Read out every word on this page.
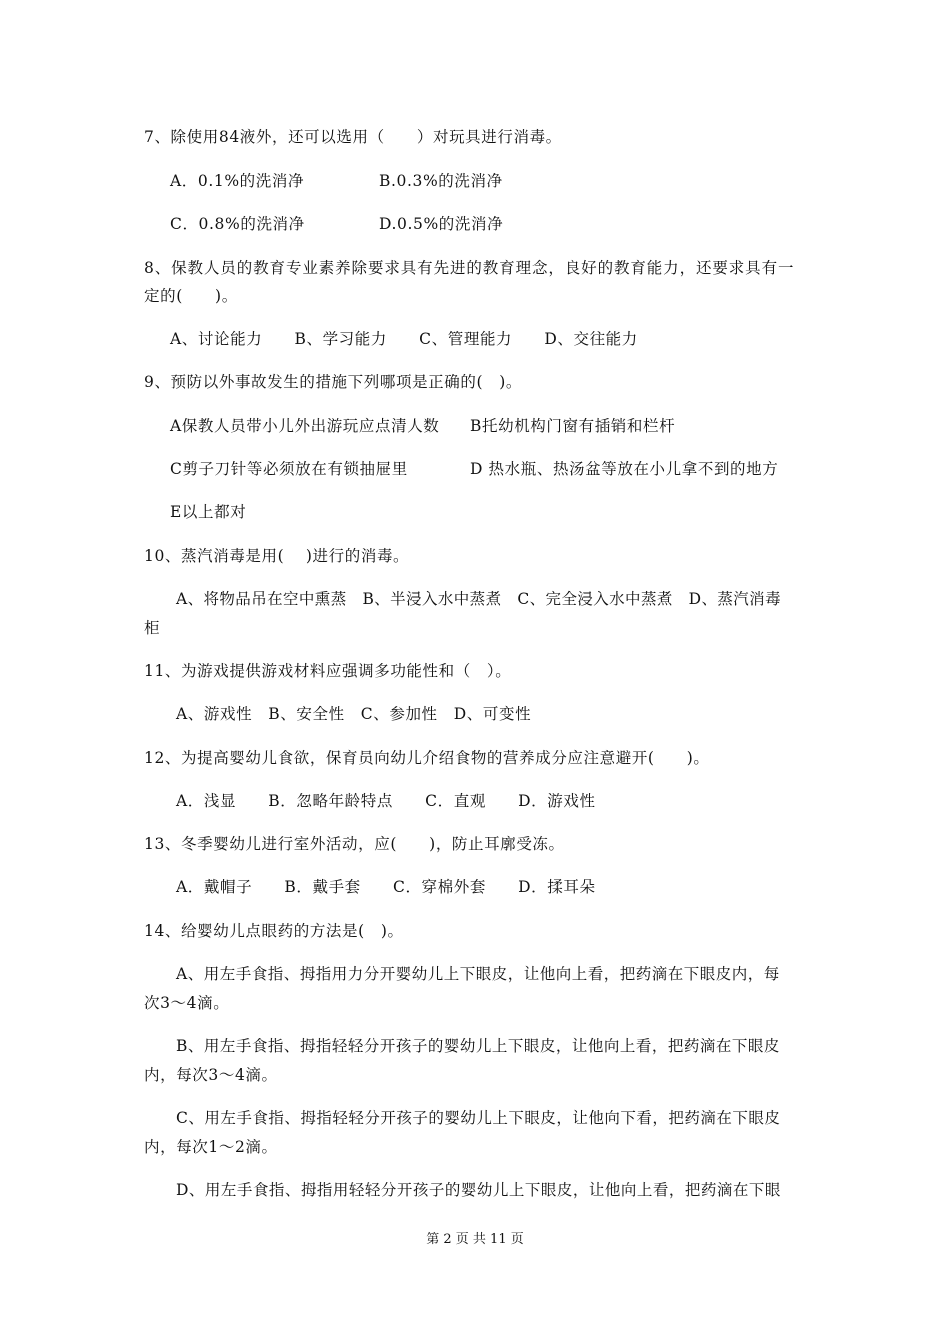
7、除使用84液外，还可以选用（　　）对玩具进行消毒。
A．0.1%的洗消净	B.0.3%的洗消净
C．0.8%的洗消净	D.0.5%的洗消净
8、保教人员的教育专业素养除要求具有先进的教育理念，良好的教育能力，还要求具有一
定的(　　)。
A、讨论能力　　B、学习能力　　C、管理能力　　D、交往能力
9、预防以外事故发生的措施下列哪项是正确的(　)。
A保教人员带小儿外出游玩应点清人数 B托幼机构门窗有插销和栏杆
C剪子刀针等必须放在有锁抽屉里	D 热水瓶、热汤盆等放在小儿拿不到的地方
E以上都对
10、蒸汽消毒是用(　 )进行的消毒。
A、将物品吊在空中熏蒸　B、半浸入水中蒸煮　C、完全浸入水中蒸煮　D、蒸汽消毒
柜
11、为游戏提供游戏材料应强调多功能性和（　）。
A、游戏性　B、安全性　C、参加性　D、可变性
12、为提高婴幼儿食欲，保育员向幼儿介绍食物的营养成分应注意避开(　　)。
A．浅显　　B．忽略年龄特点　　C．直观　　D．游戏性
13、冬季婴幼儿进行室外活动，应(　　)，防止耳廓受冻。
A．戴帽子　　B．戴手套　　C．穿棉外套　　D．揉耳朵
14、给婴幼儿点眼药的方法是(　)。
A、用左手食指、拇指用力分开婴幼儿上下眼皮，让他向上看，把药滴在下眼皮内，每
次3～4滴。
B、用左手食指、拇指轻轻分开孩子的婴幼儿上下眼皮，让他向上看，把药滴在下眼皮
内，每次3～4滴。
C、用左手食指、拇指轻轻分开孩子的婴幼儿上下眼皮，让他向下看，把药滴在下眼皮
内，每次1～2滴。
D、用左手食指、拇指用轻轻分开孩子的婴幼儿上下眼皮，让他向上看，把药滴在下眼
第 2 页 共 11 页
